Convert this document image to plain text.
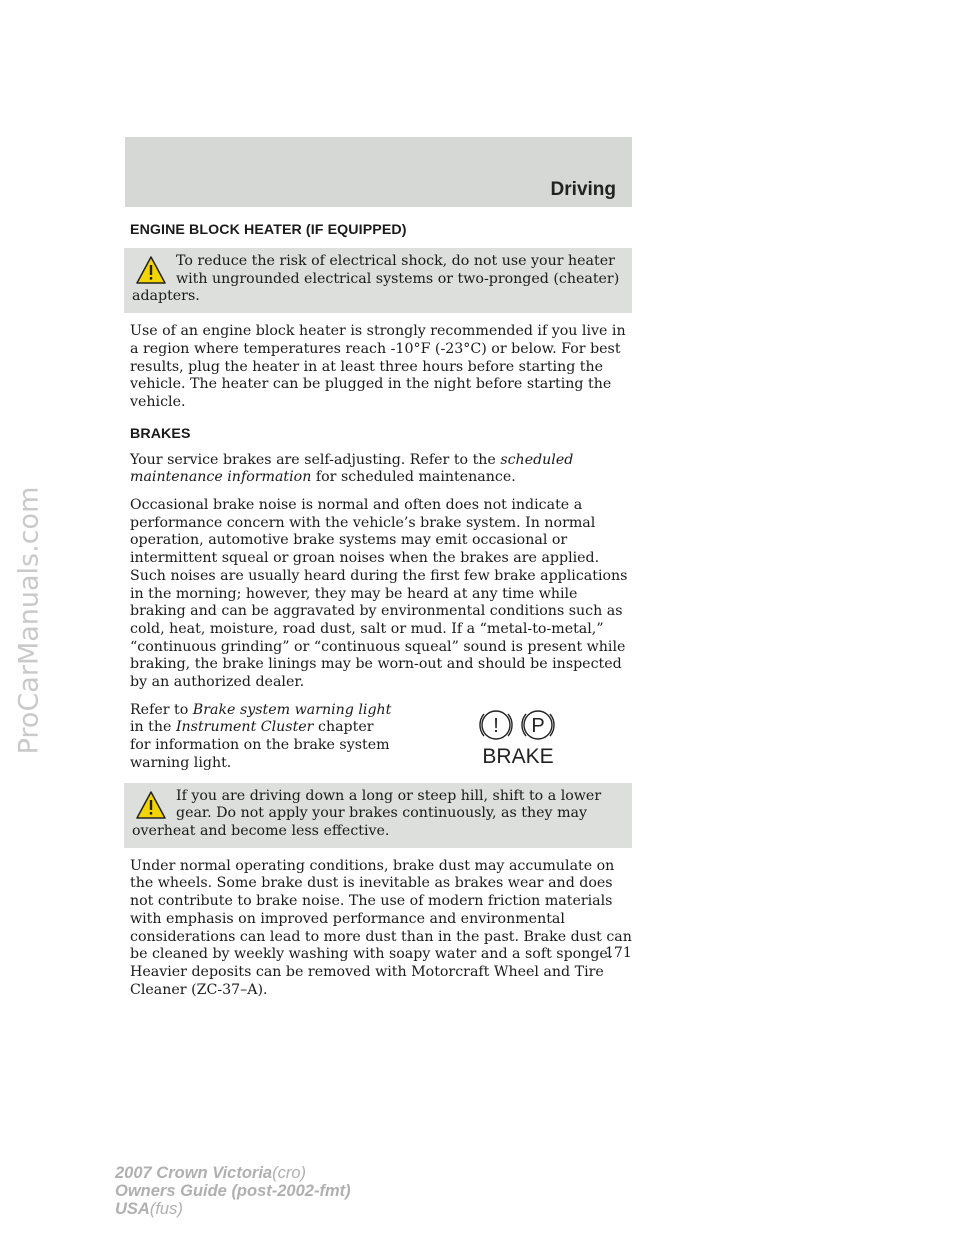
ProCarManuals.com
Driving
ENGINE BLOCK HEATER (IF EQUIPPED)
To reduce the risk of electrical shock, do not use your heater with ungrounded electrical systems or two-pronged (cheater) adapters.

Use of an engine block heater is strongly recommended if you live in a region where temperatures reach -10°F (-23°C) or below. For best results, plug the heater in at least three hours before starting the vehicle. The heater can be plugged in the night before starting the vehicle.

BRAKES

Your service brakes are self-adjusting. Refer to the scheduled maintenance information for scheduled maintenance.

Occasional brake noise is normal and often does not indicate a performance concern with the vehicle’s brake system. In normal operation, automotive brake systems may emit occasional or intermittent squeal or groan noises when the brakes are applied. Such noises are usually heard during the first few brake applications in the morning; however, they may be heard at any time while braking and can be aggravated by environmental conditions such as cold, heat, moisture, road dust, salt or mud. If a “metal-to-metal,” “continuous grinding” or “continuous squeal” sound is present while braking, the brake linings may be worn-out and should be inspected by an authorized dealer.

Refer to Brake system warning light in the Instrument Cluster chapter for information on the brake system warning light.

! P
BRAKE
If you are driving down a long or steep hill, shift to a lower gear. Do not apply your brakes continuously, as they may overheat and become less effective.

Under normal operating conditions, brake dust may accumulate on the wheels. Some brake dust is inevitable as brakes wear and does not contribute to brake noise. The use of modern friction materials with emphasis on improved performance and environmental considerations can lead to more dust than in the past. Brake dust can be cleaned by weekly washing with soapy water and a soft sponge. Heavier deposits can be removed with Motorcraft Wheel and Tire Cleaner (ZC-37–A).

171
2007 Crown Victoria(cro)
Owners Guide (post-2002-fmt)
USA(fus)
